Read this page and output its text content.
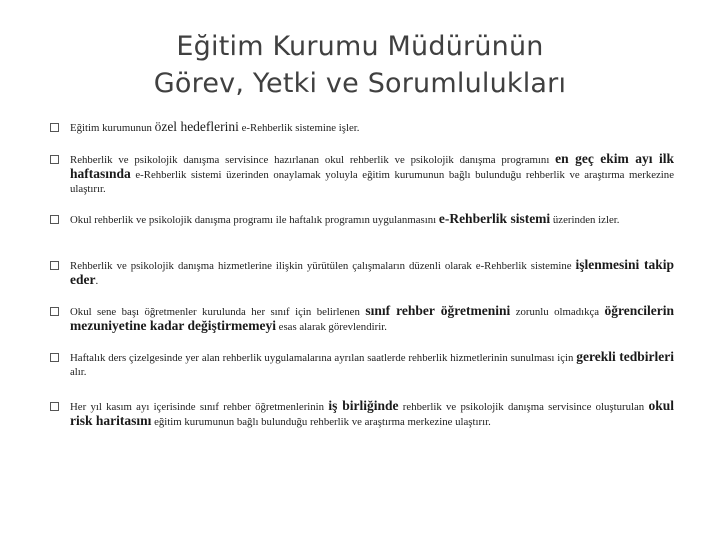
Eğitim Kurumu Müdürünün
Görev, Yetki ve Sorumlulukları
Eğitim kurumunun özel hedeflerini e-Rehberlik sistemine işler.
Rehberlik ve psikolojik danışma servisince hazırlanan okul rehberlik ve psikolojik danışma programını en geç ekim ayı ilk haftasında e-Rehberlik sistemi üzerinden onaylamak yoluyla eğitim kurumunun bağlı bulunduğu rehberlik ve araştırma merkezine ulaştırır.
Okul rehberlik ve psikolojik danışma programı ile haftalık programın uygulanmasını e-Rehberlik sistemi üzerinden izler.
Rehberlik ve psikolojik danışma hizmetlerine ilişkin yürütülen çalışmaların düzenli olarak e-Rehberlik sistemine işlenmesini takip eder.
Okul sene başı öğretmenler kurulunda her sınıf için belirlenen sınıf rehber öğretmenini zorunlu olmadıkça öğrencilerin mezuniyetine kadar değiştirmemeyi esas alarak görevlendirir.
Haftalık ders çizelgesinde yer alan rehberlik uygulamalarına ayrılan saatlerde rehberlik hizmetlerinin sunulması için gerekli tedbirleri alır.
Her yıl kasım ayı içerisinde sınıf rehber öğretmenlerinin iş birliğinde rehberlik ve psikolojik danışma servisince oluşturulan okul risk haritasını eğitim kurumunun bağlı bulunduğu rehberlik ve araştırma merkezine ulaştırır.
